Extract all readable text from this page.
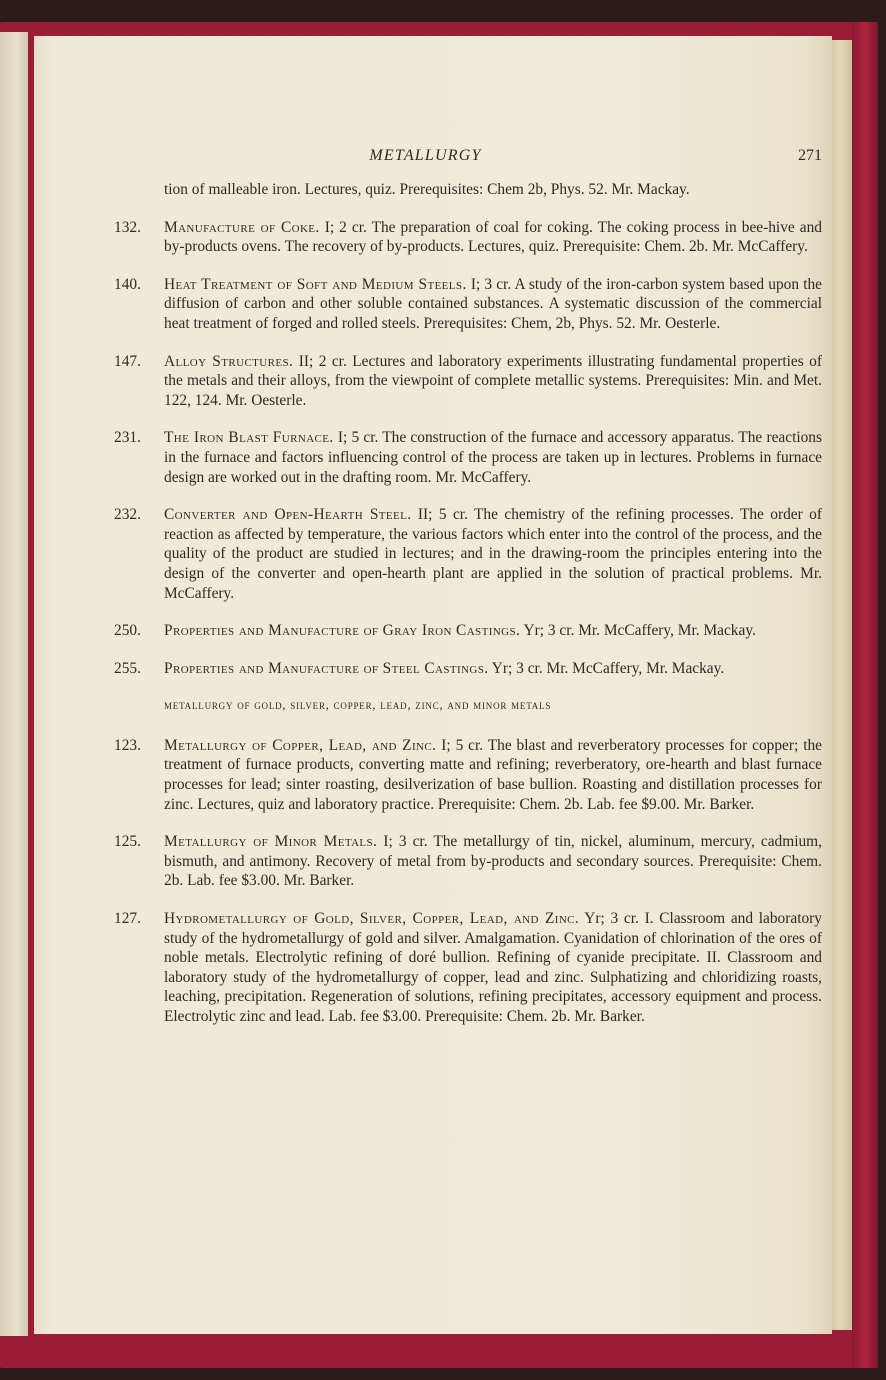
METALLURGY	271
tion of malleable iron. Lectures, quiz. Prerequisites: Chem 2b, Phys. 52. Mr. Mackay.
132. Manufacture of Coke. I; 2 cr. The preparation of coal for coking. The coking process in bee-hive and by-products ovens. The recovery of by-products. Lectures, quiz. Prerequisite: Chem. 2b. Mr. McCaffery.
140. Heat Treatment of Soft and Medium Steels. I; 3 cr. A study of the iron-carbon system based upon the diffusion of carbon and other soluble contained substances. A systematic discussion of the commercial heat treatment of forged and rolled steels. Prerequisites: Chem, 2b, Phys. 52. Mr. Oesterle.
147. Alloy Structures. II; 2 cr. Lectures and laboratory experiments illustrating fundamental properties of the metals and their alloys, from the viewpoint of complete metallic systems. Prerequisites: Min. and Met. 122, 124. Mr. Oesterle.
231. The Iron Blast Furnace. I; 5 cr. The construction of the furnace and accessory apparatus. The reactions in the furnace and factors influencing control of the process are taken up in lectures. Problems in furnace design are worked out in the drafting room. Mr. McCaffery.
232. Converter and Open-Hearth Steel. II; 5 cr. The chemistry of the refining processes. The order of reaction as affected by temperature, the various factors which enter into the control of the process, and the quality of the product are studied in lectures; and in the drawing-room the principles entering into the design of the converter and open-hearth plant are applied in the solution of practical problems. Mr. McCaffery.
250. Properties and Manufacture of Gray Iron Castings. Yr; 3 cr. Mr. McCaffery, Mr. Mackay.
255. Properties and Manufacture of Steel Castings. Yr; 3 cr. Mr. McCaffery, Mr. Mackay.
metallurgy of gold, silver, copper, lead, zinc, and minor metals
123. Metallurgy of Copper, Lead, and Zinc. I; 5 cr. The blast and reverberatory processes for copper; the treatment of furnace products, converting matte and refining; reverberatory, ore-hearth and blast furnace processes for lead; sinter roasting, desilverization of base bullion. Roasting and distillation processes for zinc. Lectures, quiz and laboratory practice. Prerequisite: Chem. 2b. Lab. fee $9.00. Mr. Barker.
125. Metallurgy of Minor Metals. I; 3 cr. The metallurgy of tin, nickel, aluminum, mercury, cadmium, bismuth, and antimony. Recovery of metal from by-products and secondary sources. Prerequisite: Chem. 2b. Lab. fee $3.00. Mr. Barker.
127. Hydrometallurgy of Gold, Silver, Copper, Lead, and Zinc. Yr; 3 cr. I. Classroom and laboratory study of the hydrometallurgy of gold and silver. Amalgamation. Cyanidation of chlorination of the ores of noble metals. Electrolytic refining of doré bullion. Refining of cyanide precipitate. II. Classroom and laboratory study of the hydrometallurgy of copper, lead and zinc. Sulphatizing and chloridizing roasts, leaching, precipitation. Regeneration of solutions, refining precipitates, accessory equipment and process. Electrolytic zinc and lead. Lab. fee $3.00. Prerequisite: Chem. 2b. Mr. Barker.
